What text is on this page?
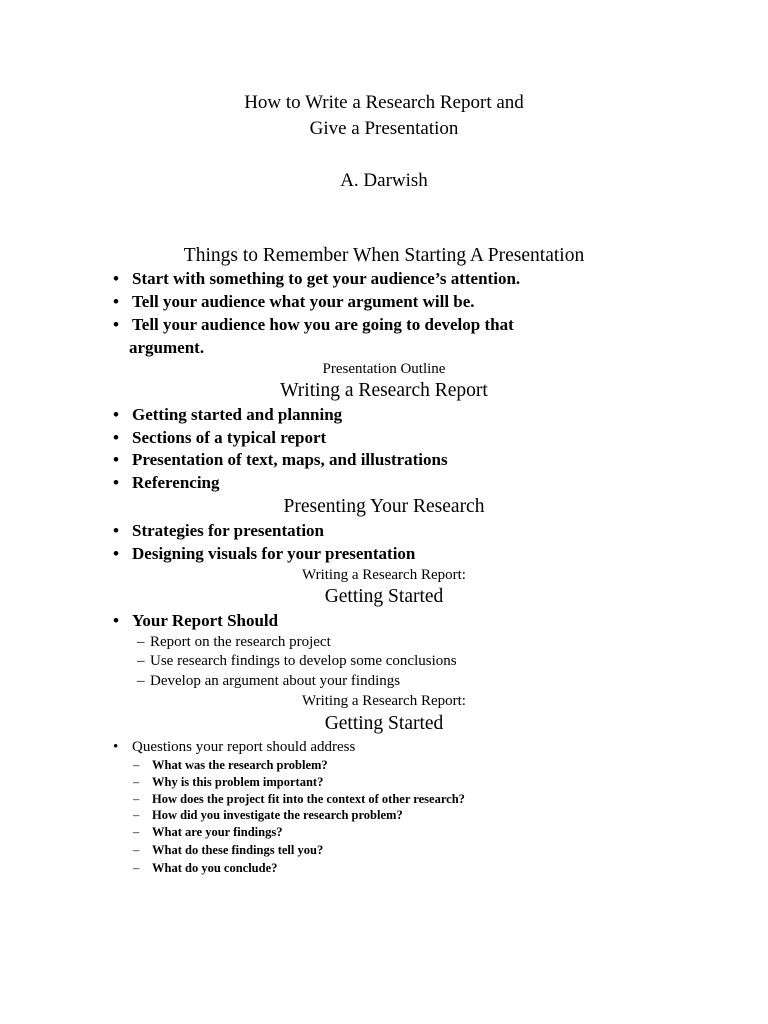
How to Write a Research Report and
Give a Presentation
A. Darwish
Things to Remember When Starting A Presentation
• Start with something to get your audience’s attention.
• Tell your audience what your argument will be.
• Tell your audience how you are going to develop that
argument.
Presentation Outline
Writing a Research Report
• Getting started and planning
• Sections of a typical report
• Presentation of text, maps, and illustrations
• Referencing
Presenting Your Research
• Strategies for presentation
• Designing visuals for your presentation
Writing a Research Report:
Getting Started
• Your Report Should
– Report on the research project
– Use research findings to develop some conclusions
– Develop an argument about your findings
Writing a Research Report:
Getting Started
• Questions your report should address
– What was the research problem?
– Why is this problem important?
– How does the project fit into the context of other research?
– How did you investigate the research problem?
– What are your findings?
– What do these findings tell you?
– What do you conclude?
